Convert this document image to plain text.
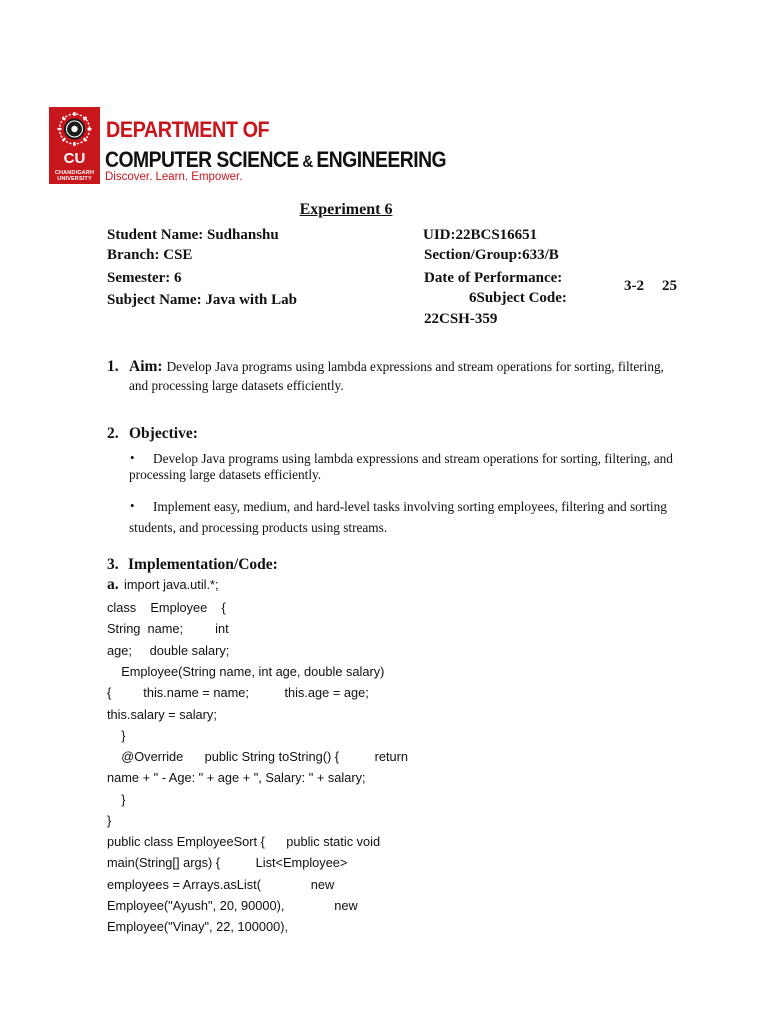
CU
CHANDIGARH
UNIVERSITY
DEPARTMENT OF
COMPUTER SCIENCE & ENGINEERING
Discover. Learn. Empower.
Experiment 6
Student Name: Sudhanshu	UID:22BCS16651
Branch: CSE	Section/Group:633/B
Semester: 6	Date of Performance:	3-2 25
Subject Name: Java with Lab	6Subject Code:
22CSH-359
1. Aim: Develop Java programs using lambda expressions and stream operations for sorting, filtering,
and processing large datasets efficiently.
2. Objective:
• Develop Java programs using lambda expressions and stream operations for sorting, filtering, and
processing large datasets efficiently.
• Implement easy, medium, and hard-level tasks involving sorting employees, filtering and sorting
students, and processing products using streams.
3. Implementation/Code:
a. import java.util.*;
class    Employee    {
String  name;         int
age;     double salary;
Employee(String name, int age, double salary)
{         this.name = name;          this.age = age;
this.salary = salary;
}
@Override      public String toString() {          return
name + " - Age: " + age + ", Salary: " + salary;
}
}
public class EmployeeSort {      public static void
main(String[] args) {          List<Employee>
employees = Arrays.asList(              new
Employee("Ayush", 20, 90000),              new
Employee("Vinay", 22, 100000),
